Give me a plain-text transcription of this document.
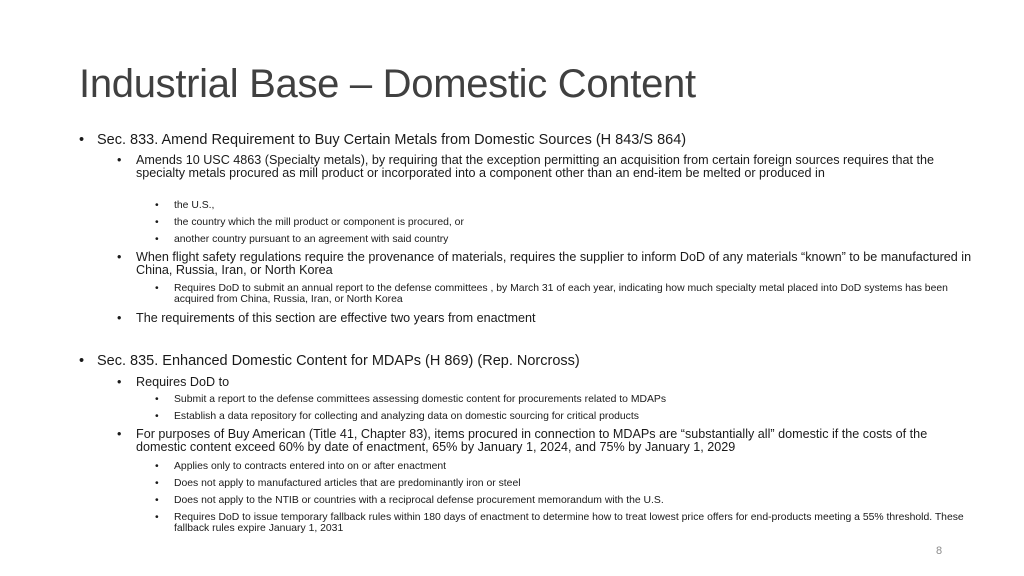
Industrial Base – Domestic Content
• Sec. 833. Amend Requirement to Buy Certain Metals from Domestic Sources (H 843/S 864)
• Amends 10 USC 4863 (Specialty metals), by requiring that the exception permitting an acquisition from certain foreign sources requires that the specialty metals procured as mill product or incorporated into a component other than an end-item be melted or produced in
• the U.S.,
• the country which the mill product or component is procured, or
• another country pursuant to an agreement with said country
• When flight safety regulations require the provenance of materials, requires the supplier to inform DoD of any materials “known” to be manufactured in China, Russia, Iran, or North Korea
• Requires DoD to submit an annual report to the defense committees , by March 31 of each year, indicating how much specialty metal placed into DoD systems has been acquired from China, Russia, Iran, or North Korea
• The requirements of this section are effective two years from enactment
• Sec. 835. Enhanced Domestic Content for MDAPs (H 869) (Rep. Norcross)
• Requires DoD to
• Submit a report to the defense committees assessing domestic content for procurements related to MDAPs
• Establish a data repository for collecting and analyzing data on domestic sourcing for critical products
• For purposes of Buy American (Title 41, Chapter 83), items procured in connection to MDAPs are “substantially all” domestic if the costs of the domestic content exceed 60% by date of enactment, 65% by January 1, 2024, and 75% by January 1, 2029
• Applies only to contracts entered into on or after enactment
• Does not apply to manufactured articles that are predominantly iron or steel
• Does not apply to the NTIB or countries with a reciprocal defense procurement memorandum with the U.S.
• Requires DoD to issue temporary fallback rules within 180 days of enactment to determine how to treat lowest price offers for end-products meeting a 55% threshold. These fallback rules expire January 1, 2031
8
